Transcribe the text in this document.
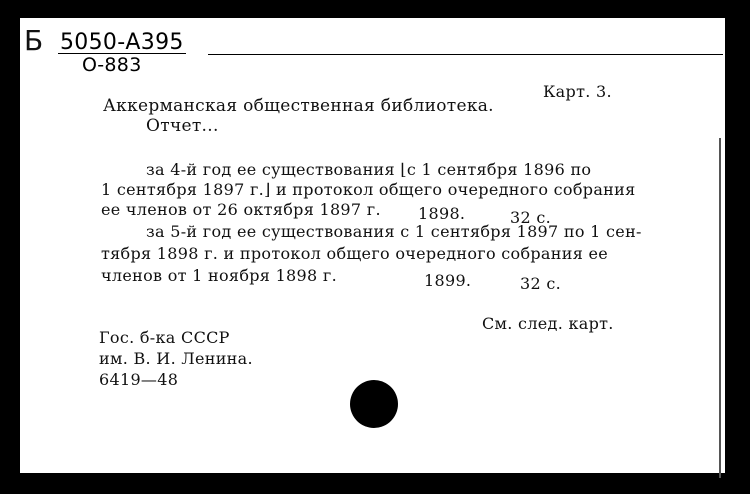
Б 5050-А395
О-883
Карт. 3.
Аккерманская общественная библиотека.
Отчет...
за 4-й год ее существования ⌊с 1 сентября 1896 по
1 сентября 1897 г.⌋ и протокол общего очередного собрания
ее членов от 26 октября 1897 г. 1898.	32 с.
за 5-й год ее существования с 1 сентября 1897 по 1 сен-
тября 1898 г. и протокол общего очередного собрания ее
членов от 1 ноября 1898 г.	1899.	32 с.
См. след. карт.
Гос. б-ка СССР
им. В. И. Ленина.
6419—48
